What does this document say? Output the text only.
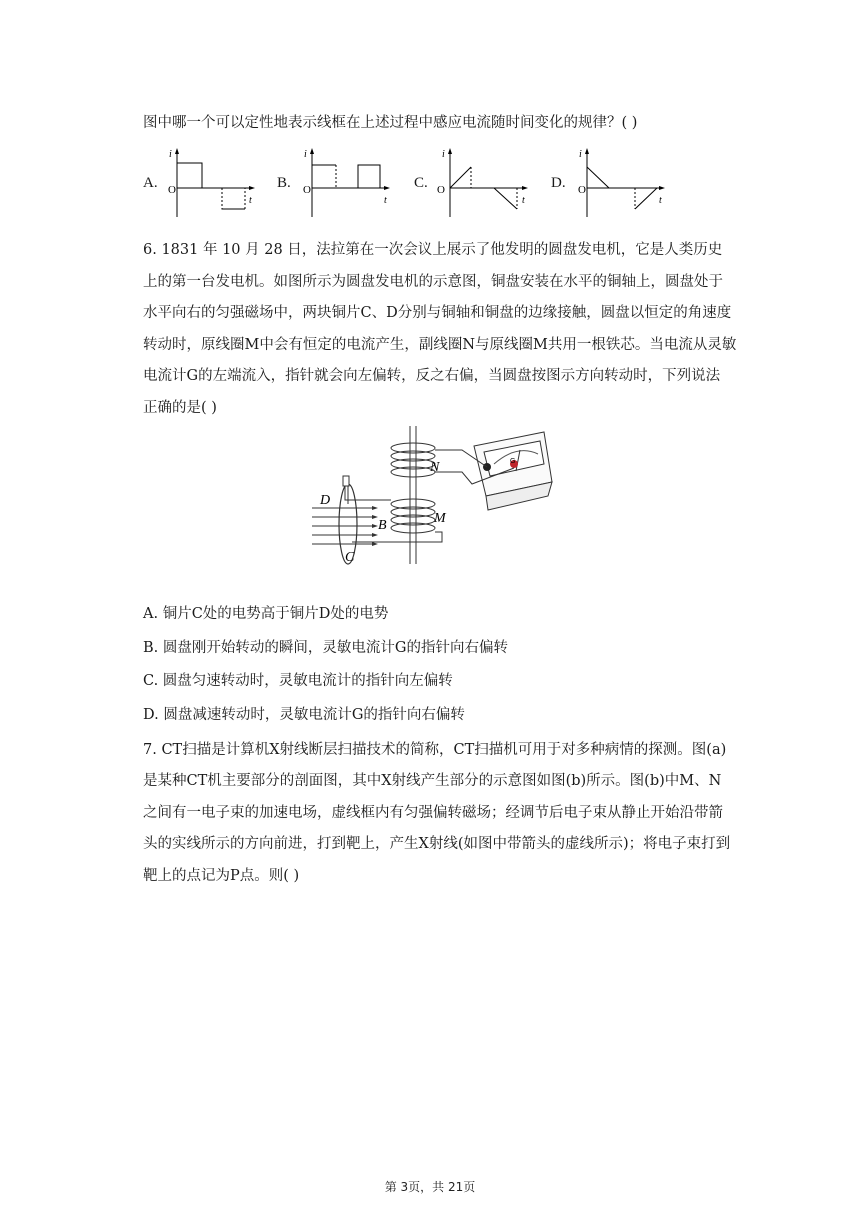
图中哪一个可以定性地表示线框在上述过程中感应电流随时间变化的规律？( )
A.	B.	C.	D.
i
O
t
i
O
t
i
O
t
i
O
t
6. 1831 年 10 月 28 日，法拉第在一次会议上展示了他发明的圆盘发电机，它是人类历史
上的第一台发电机。如图所示为圆盘发电机的示意图，铜盘安装在水平的铜轴上，圆盘处于
水平向右的匀强磁场中，两块铜片C、D分别与铜轴和铜盘的边缘接触，圆盘以恒定的角速度
转动时，原线圈M中会有恒定的电流产生，副线圈N与原线圈M共用一根铁芯。当电流从灵敏
电流计G的左端流入，指针就会向左偏转，反之右偏，当圆盘按图示方向转动时，下列说法
正确的是( )
N
M
G
B
D
C
A. 铜片C处的电势高于铜片D处的电势
B. 圆盘刚开始转动的瞬间，灵敏电流计G的指针向右偏转
C. 圆盘匀速转动时，灵敏电流计的指针向左偏转
D. 圆盘减速转动时，灵敏电流计G的指针向右偏转
7. CT扫描是计算机X射线断层扫描技术的简称，CT扫描机可用于对多种病情的探测。图(a)
是某种CT机主要部分的剖面图，其中X射线产生部分的示意图如图(b)所示。图(b)中M、N
之间有一电子束的加速电场，虚线框内有匀强偏转磁场；经调节后电子束从静止开始沿带箭
头的实线所示的方向前进，打到靶上，产生X射线(如图中带箭头的虚线所示)；将电子束打到
靶上的点记为P点。则( )
第 3页，共 21页
